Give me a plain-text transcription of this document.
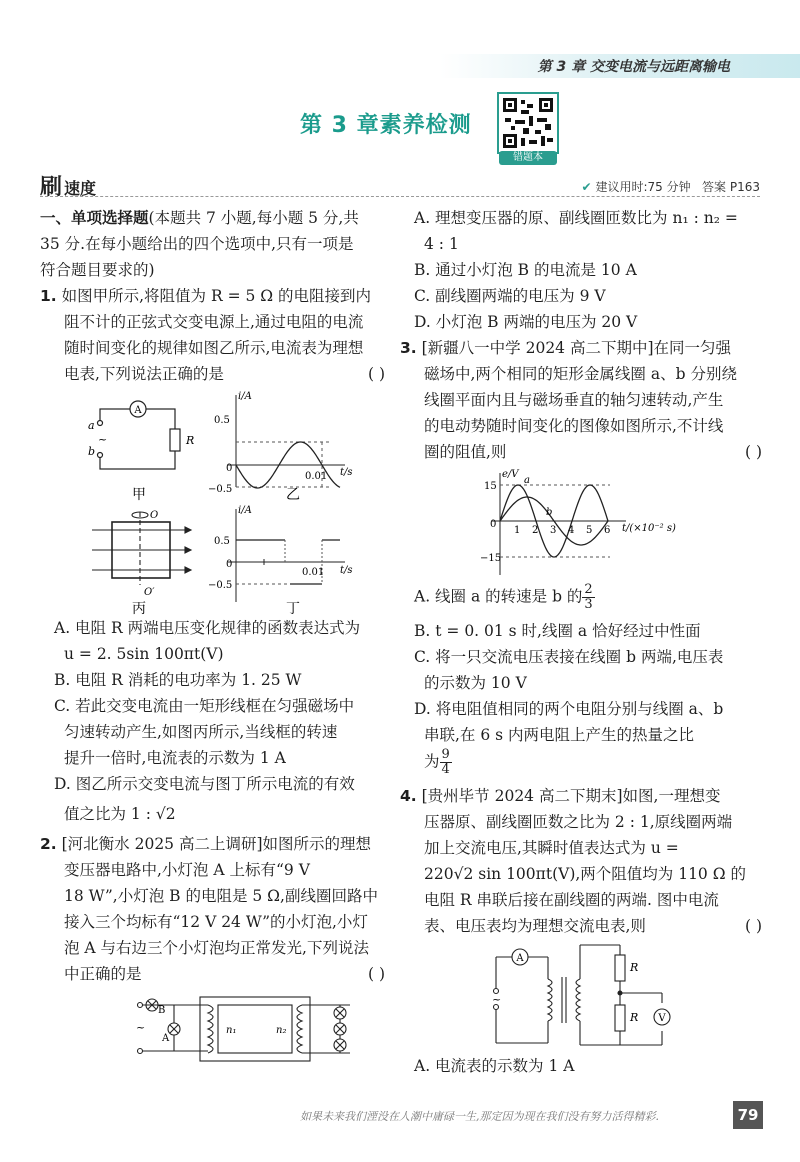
第 3 章 交变电流与远距离输电
第 3 章素养检测
错题本
刷 速度	✔ 建议用时:75 分钟 答案 P163

一、单项选择题(本题共 7 小题,每小题 5 分,共

35 分.在每小题给出的四个选项中,只有一项是

符合题目要求的)

1. 如图甲所示,将阻值为 R = 5 Ω 的电阻接到内

阻不计的正弦式交变电源上,通过电阻的电流

随时间变化的规律如图乙所示,电流表为理想

电表,下列说法正确的是	( )

A
R
a
b
~
甲
i/A
t/s
0.5
−0.5
0.01
0
乙
O
O′
丙
i/A
t/s
0.5
−0.5
0.01
0
丁

A. 电阻 R 两端电压变化规律的函数表达式为

u = 2. 5sin 100πt(V)

B. 电阻 R 消耗的电功率为 1. 25 W

C. 若此交变电流由一矩形线框在匀强磁场中

匀速转动产生,如图丙所示,当线框的转速

提升一倍时,电流表的示数为 1 A

D. 图乙所示交变电流与图丁所示电流的有效

值之比为 1 : √2

2. [河北衡水 2025 高二上调研]如图所示的理想

变压器电路中,小灯泡 A 上标有“9 V

18 W”,小灯泡 B 的电阻是 5 Ω,副线圈回路中

接入三个均标有“12 V 24 W”的小灯泡,小灯

泡 A 与右边三个小灯泡均正常发光,下列说法

中正确的是	( )

B
A
n₁	n₂
~

A. 理想变压器的原、副线圈匝数比为 n₁ : n₂ =

4 : 1

B. 通过小灯泡 B 的电流是 10 A

C. 副线圈两端的电压为 9 V

D. 小灯泡 B 两端的电压为 20 V

3. [新疆八一中学 2024 高二下期中]在同一匀强

磁场中,两个相同的矩形金属线圈 a、b 分别绕

线圈平面内且与磁场垂直的轴匀速转动,产生

的电动势随时间变化的图像如图所示,不计线

圈的阻值,则	( )

e/V
t/(×10⁻² s)
15
−15
0
1 2 3 4 5 6
a
b

A. 线圈 a 的转速是 b 的 $\frac{2}{3}$

B. t = 0. 01 s 时,线圈 a 恰好经过中性面

C. 将一只交流电压表接在线圈 b 两端,电压表

的示数为 10 V

D. 将电阻值相同的两个电阻分别与线圈 a、b

串联,在 6 s 内两电阻上产生的热量之比

为 $\frac{9}{4}$

4. [贵州毕节 2024 高二下期末]如图,一理想变

压器原、副线圈匝数之比为 2 : 1,原线圈两端

加上交流电压,其瞬时值表达式为 u =

220√2 sin 100πt(V),两个阻值均为 110 Ω 的

电阻 R 串联后接在副线圈的两端. 图中电流

表、电压表均为理想交流电表,则	( )

A
V
R
R
~

A. 电流表的示数为 1 A

如果未来我们湮没在人潮中庸碌一生,那定因为现在我们没有努力活得精彩.	79
